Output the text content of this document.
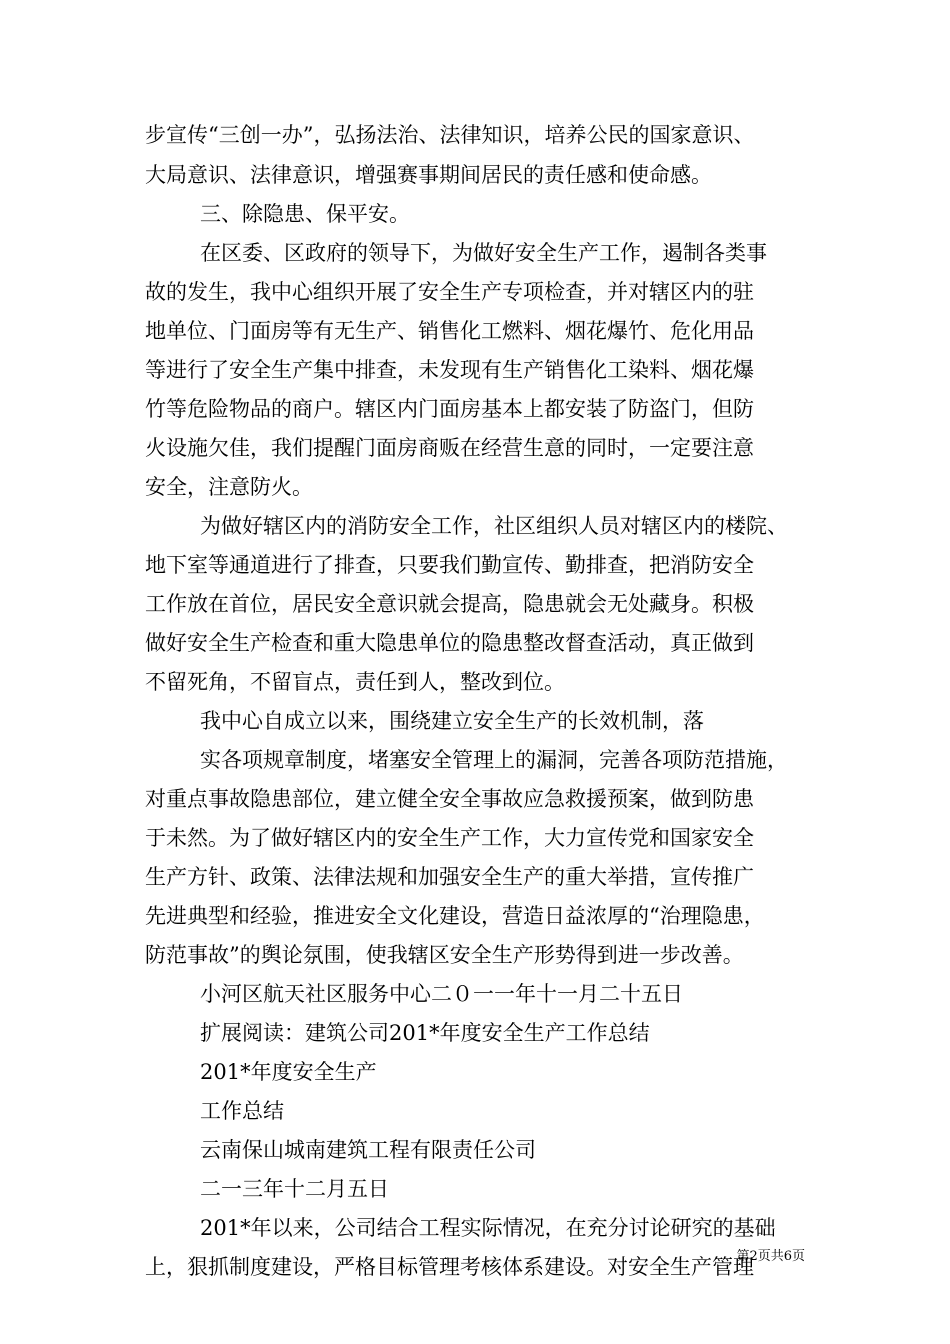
步宣传“三创一办”，弘扬法治、法律知识，培养公民的国家意识、
大局意识、法律意识，增强赛事期间居民的责任感和使命感。
三、除隐患、保平安。
在区委、区政府的领导下，为做好安全生产工作，遏制各类事
故的发生，我中心组织开展了安全生产专项检查，并对辖区内的驻
地单位、门面房等有无生产、销售化工燃料、烟花爆竹、危化用品
等进行了安全生产集中排查，未发现有生产销售化工染料、烟花爆
竹等危险物品的商户。辖区内门面房基本上都安装了防盗门，但防
火设施欠佳，我们提醒门面房商贩在经营生意的同时，一定要注意
安全，注意防火。
为做好辖区内的消防安全工作，社区组织人员对辖区内的楼院、
地下室等通道进行了排查，只要我们勤宣传、勤排查，把消防安全
工作放在首位，居民安全意识就会提高，隐患就会无处藏身。积极
做好安全生产检查和重大隐患单位的隐患整改督查活动，真正做到
不留死角，不留盲点，责任到人，整改到位。
我中心自成立以来，围绕建立安全生产的长效机制，落
实各项规章制度，堵塞安全管理上的漏洞，完善各项防范措施，
对重点事故隐患部位，建立健全安全事故应急救援预案，做到防患
于未然。为了做好辖区内的安全生产工作，大力宣传党和国家安全
生产方针、政策、法律法规和加强安全生产的重大举措，宣传推广
先进典型和经验，推进安全文化建设，营造日益浓厚的“治理隐患，
防范事故”的舆论氛围，使我辖区安全生产形势得到进一步改善。
小河区航天社区服务中心二０一一年十一月二十五日
扩展阅读：建筑公司201*年度安全生产工作总结
201*年度安全生产
工作总结
云南保山城南建筑工程有限责任公司
二一三年十二月五日
201*年以来，公司结合工程实际情况，在充分讨论研究的基础
上，狠抓制度建设，严格目标管理考核体系建设。对安全生产管理
第2页共6页
